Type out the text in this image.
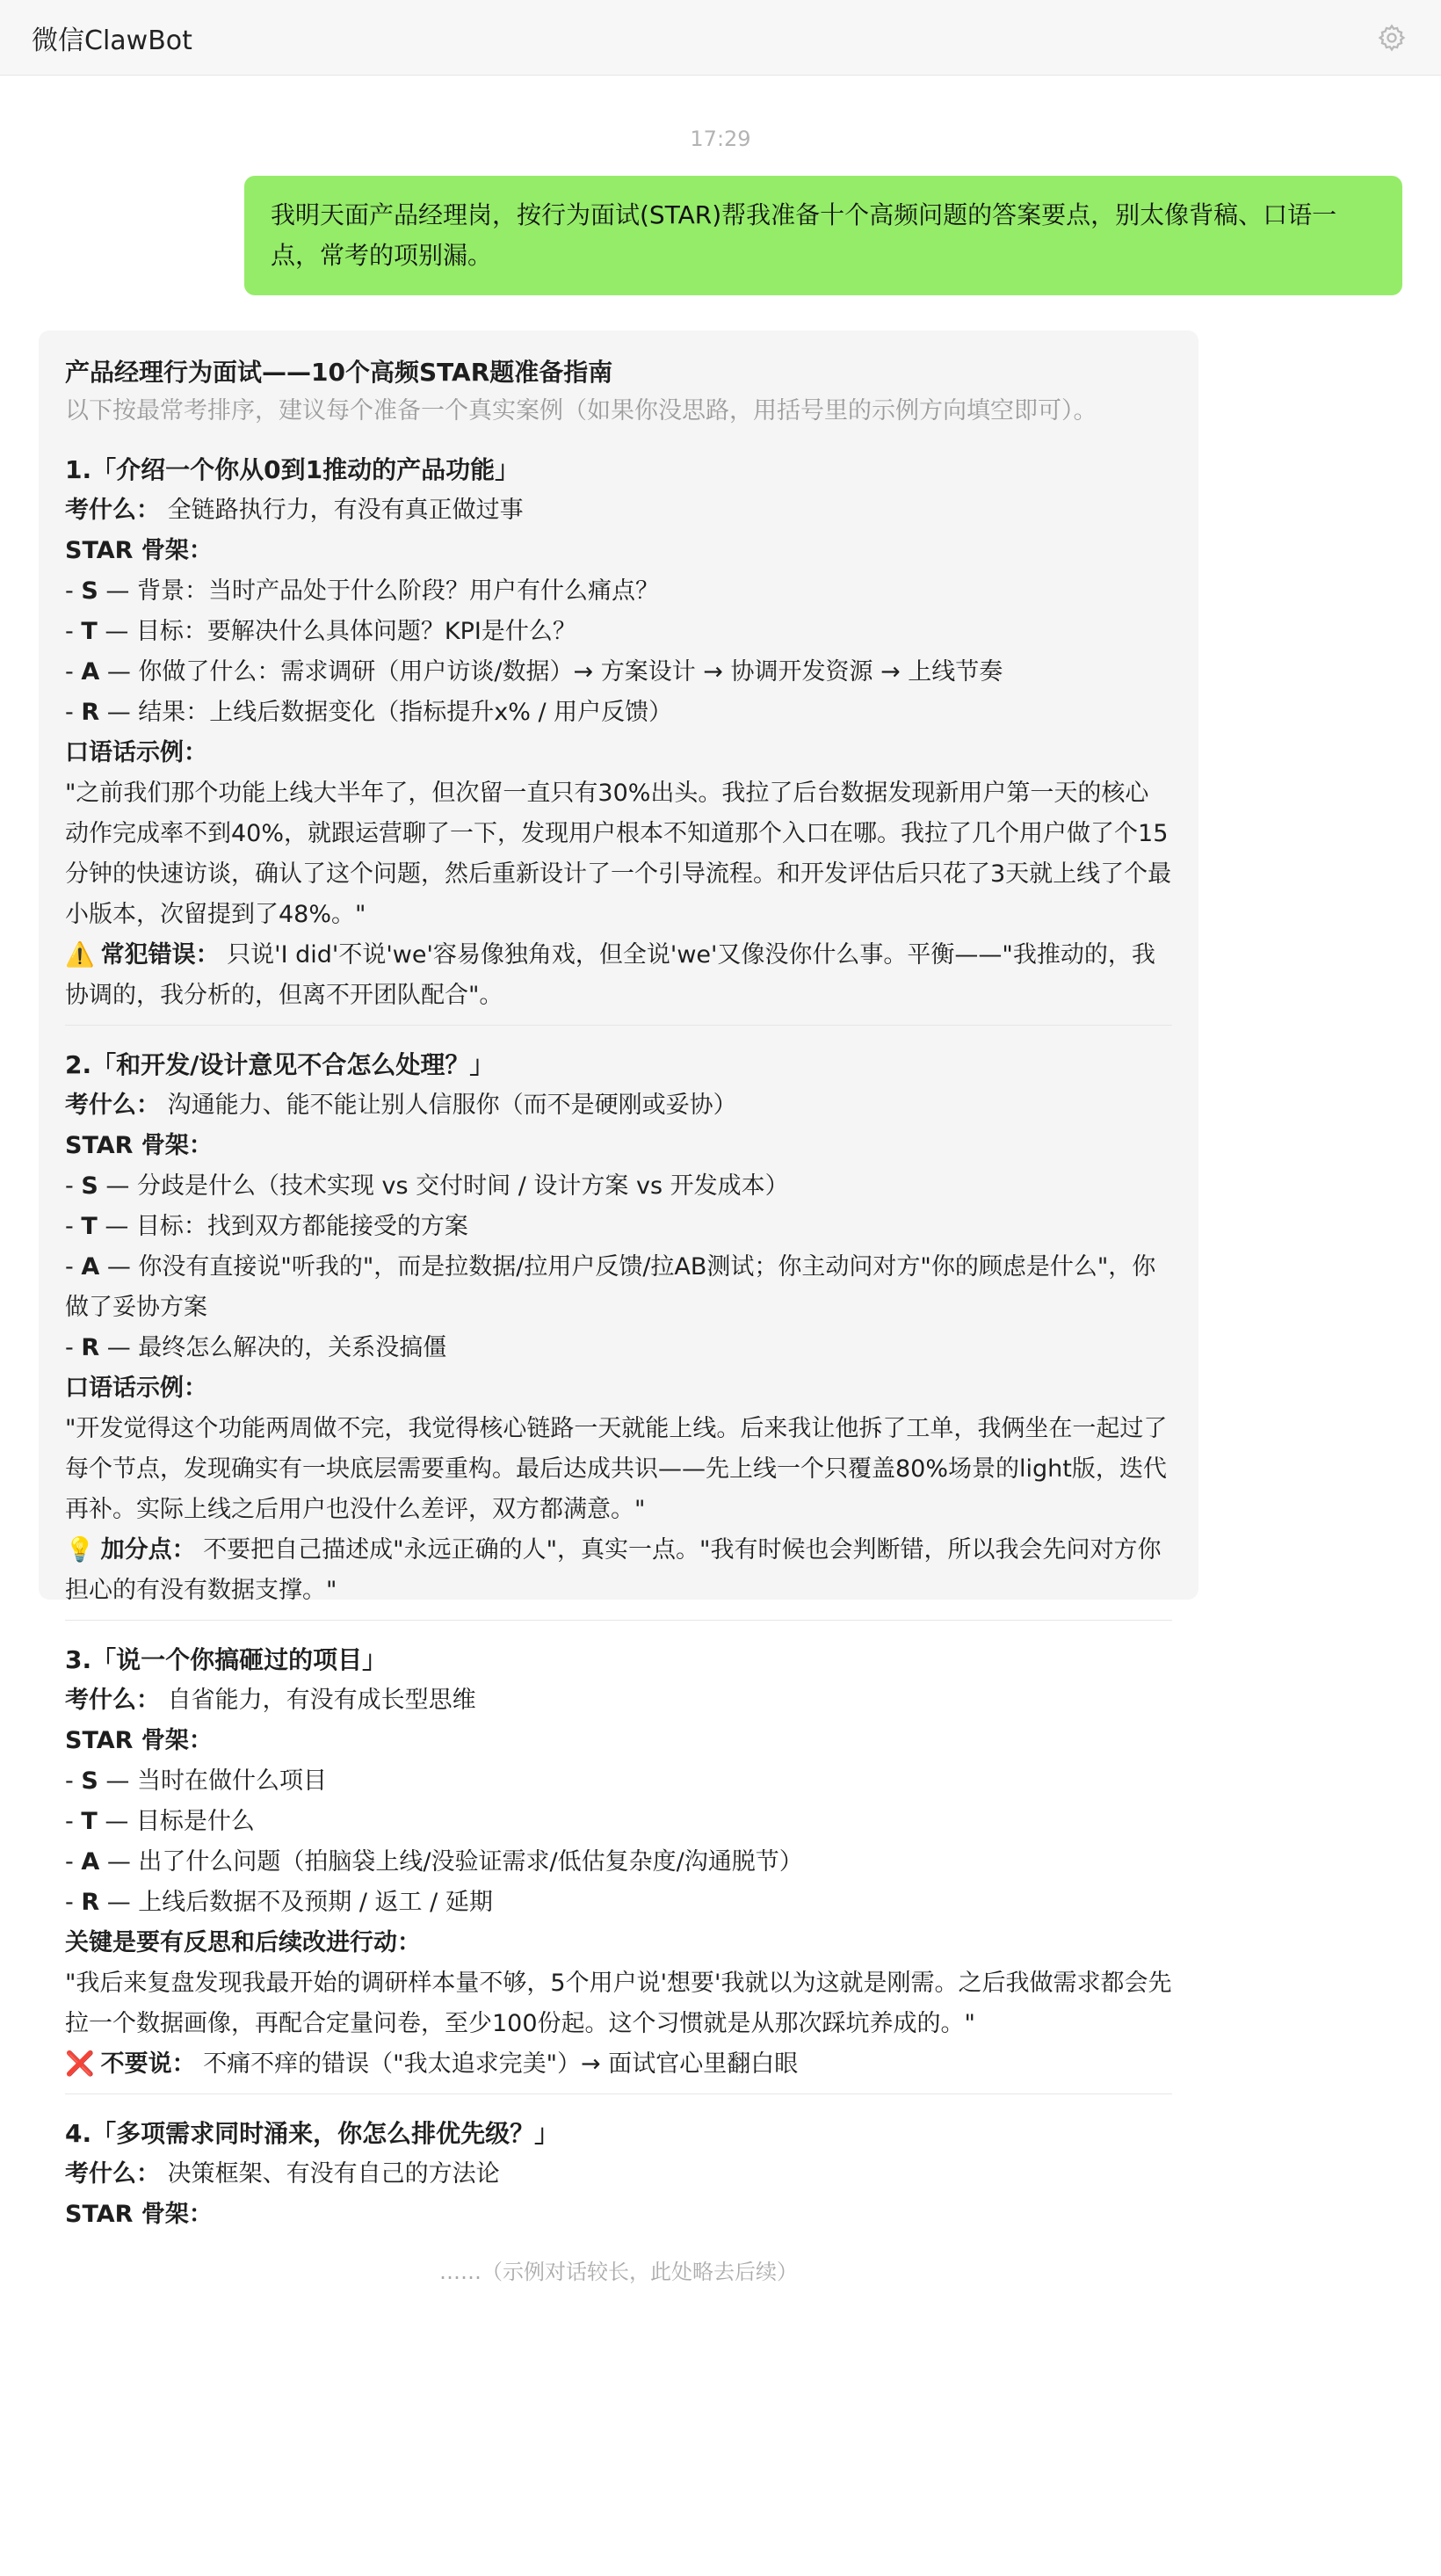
微信ClawBot
17:29
我明天面产品经理岗，按行为面试(STAR)帮我准备十个高频问题的答案要点，别太像背稿、口语一点，常考的项别漏。
产品经理行为面试——10个高频STAR题准备指南
以下按最常考排序，建议每个准备一个真实案例（如果你没思路，用括号里的示例方向填空即可）。
1.「介绍一个你从0到1推动的产品功能」
考什么： 全链路执行力，有没有真正做过事
STAR 骨架：
- S — 背景：当时产品处于什么阶段？用户有什么痛点？
- T — 目标：要解决什么具体问题？KPI是什么？
- A — 你做了什么：需求调研（用户访谈/数据）→ 方案设计 → 协调开发资源 → 上线节奏
- R — 结果：上线后数据变化（指标提升x% / 用户反馈）
口语话示例：
"之前我们那个功能上线大半年了，但次留一直只有30%出头。我拉了后台数据发现新用户第一天的核心动作完成率不到40%，就跟运营聊了一下，发现用户根本不知道那个入口在哪。我拉了几个用户做了个15分钟的快速访谈，确认了这个问题，然后重新设计了一个引导流程。和开发评估后只花了3天就上线了个最小版本，次留提到了48%。"
⚠️ 常犯错误： 只说'I did'不说'we'容易像独角戏，但全说'we'又像没你什么事。平衡——"我推动的，我协调的，我分析的，但离不开团队配合"。
2.「和开发/设计意见不合怎么处理？」
考什么： 沟通能力、能不能让别人信服你（而不是硬刚或妥协）
STAR 骨架：
- S — 分歧是什么（技术实现 vs 交付时间 / 设计方案 vs 开发成本）
- T — 目标：找到双方都能接受的方案
- A — 你没有直接说"听我的"，而是拉数据/拉用户反馈/拉AB测试；你主动问对方"你的顾虑是什么"，你做了妥协方案
- R — 最终怎么解决的，关系没搞僵
口语话示例：
"开发觉得这个功能两周做不完，我觉得核心链路一天就能上线。后来我让他拆了工单，我俩坐在一起过了每个节点，发现确实有一块底层需要重构。最后达成共识——先上线一个只覆盖80%场景的light版，迭代再补。实际上线之后用户也没什么差评，双方都满意。"
💡 加分点： 不要把自己描述成"永远正确的人"，真实一点。"我有时候也会判断错，所以我会先问对方你担心的有没有数据支撑。"
3.「说一个你搞砸过的项目」
考什么： 自省能力，有没有成长型思维
STAR 骨架：
- S — 当时在做什么项目
- T — 目标是什么
- A — 出了什么问题（拍脑袋上线/没验证需求/低估复杂度/沟通脱节）
- R — 上线后数据不及预期 / 返工 / 延期
关键是要有反思和后续改进行动：
"我后来复盘发现我最开始的调研样本量不够，5个用户说'想要'我就以为这就是刚需。之后我做需求都会先拉一个数据画像，再配合定量问卷，至少100份起。这个习惯就是从那次踩坑养成的。"
❌ 不要说： 不痛不痒的错误（"我太追求完美"）→ 面试官心里翻白眼
4.「多项需求同时涌来，你怎么排优先级？」
考什么： 决策框架、有没有自己的方法论
STAR 骨架：
……（示例对话较长，此处略去后续）
